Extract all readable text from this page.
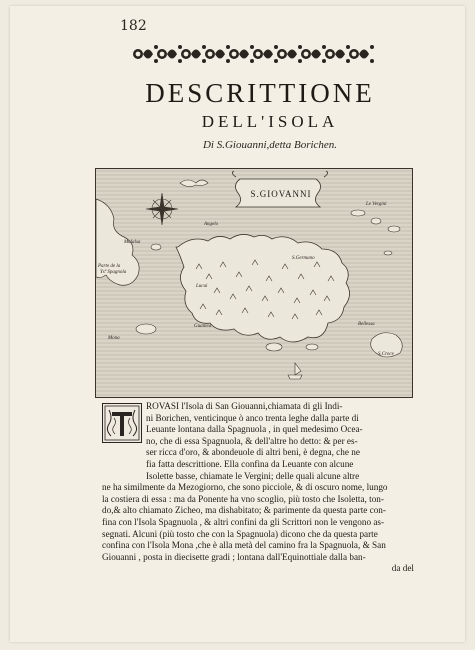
182
DESCRITTIONE
DELL'ISOLA
Di S.Giouanni,detta Borichen.
S.GIOVANNI
Parte de la
Ysª Spagnola
Mona
Angelo
Guaniea
Lucui
Malalsa
S.Germano
Le Vergini
Bellessa
S.Croce
ROVASI l'Isola di San Giouanni,chiamata di gli Indi-
ni Borichen, venticinque ò anco trenta leghe dalla parte di
Leuante lontana dalla Spagnuola , in quel medesimo Ocea-
no, che di essa Spagnuola, & dell'altre ho detto: & per es-
ser ricca d'oro, & abondeuole di altri beni, è degna, che ne
fia fatta descrittione. Ella confina da Leuante con alcune
Isolette basse, chiamate le Vergini; delle quali alcune altre
ne ha similmente da Mezogiorno, che sono picciole, & di oscuro nome, lungo
la costiera di essa : ma da Ponente ha vno scoglio, più tosto che Isoletta, ton-
do,& alto chiamato Zicheo, ma dishabitato; & parimente da questa parte con-
fina con l'Isola Spagnuola , & altri confini da gli Scrittori non le vengono as-
segnati. Alcuni (più tosto che con la Spagnuola) dicono che da questa parte
confina con l'Isola Mona ,che è alla metà del camino fra la Spagnuola, & San
Giouanni , posta in diecisette gradi ; lontana dall'Equinottiale dalla ban-
da del
